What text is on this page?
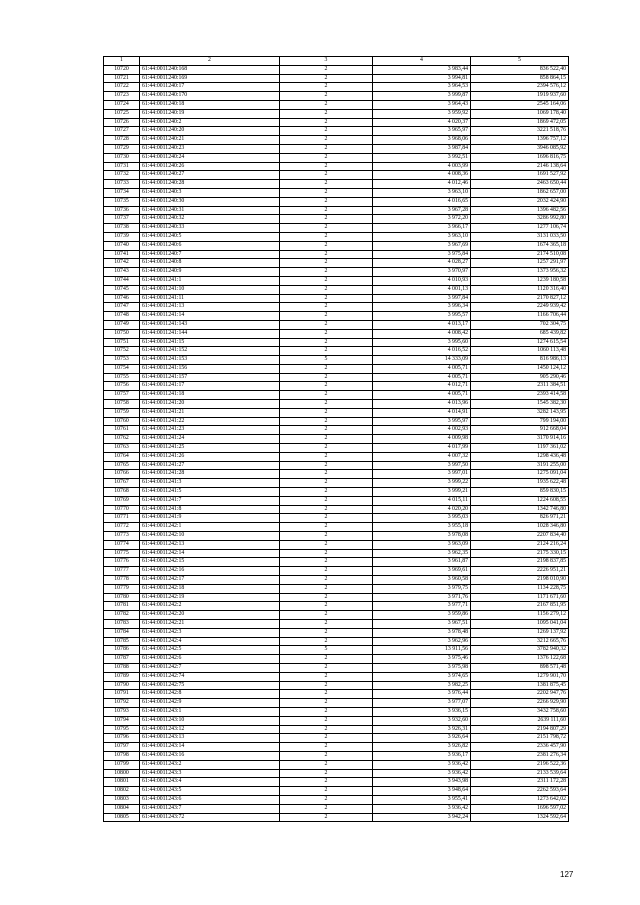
1	2	3	4	5
10720	61:44:0011240:168	2	3 983,44	836 522,40
10721	61:44:0011240:169	2	3 994,81	858 864,15
10722	61:44:0011240:17	2	3 964,53	2394 576,12
10723	61:44:0011240:170	2	3 999,87	1919 937,60
10724	61:44:0011240:18	2	3 964,43	2545 164,06
10725	61:44:0011240:19	2	3 959,92	1069 178,40
10726	61:44:0011240:2	2	4 020,37	1869 472,05
10727	61:44:0011240:20	2	3 965,97	3221 518,76
10728	61:44:0011240:21	2	3 968,06	1396 757,12
10729	61:44:0011240:23	2	3 987,84	3946 085,92
10730	61:44:0011240:24	2	3 992,51	1696 816,75
10731	61:44:0011240:26	2	4 003,99	2146 138,64
10732	61:44:0011240:27	2	4 008,36	1691 527,92
10733	61:44:0011240:28	2	4 012,46	2463 650,44
10734	61:44:0011240:3	2	3 963,10	1862 657,00
10735	61:44:0011240:30	2	4 016,65	2032 424,90
10736	61:44:0011240:31	2	3 967,28	1396 482,56
10737	61:44:0011240:32	2	3 972,20	3286 992,80
10738	61:44:0011240:33	2	3 966,17	1277 106,74
10739	61:44:0011240:5	2	3 963,10	3131 033,50
10740	61:44:0011240:6	2	3 967,69	1674 365,18
10741	61:44:0011240:7	2	3 975,84	2174 510,08
10742	61:44:0011240:8	2	4 028,27	1257 291,97
10743	61:44:0011240:9	2	3 970,97	1373 956,32
10744	61:44:0011241:1	2	4 010,93	1239 180,58
10745	61:44:0011241:10	2	4 001,13	1120 316,40
10746	61:44:0011241:11	2	3 997,84	2170 827,12
10747	61:44:0011241:13	2	3 996,34	2249 939,42
10748	61:44:0011241:14	2	3 995,57	1166 706,44
10749	61:44:0011241:143	2	4 013,17	702 304,75
10750	61:44:0011241:144	2	4 008,42	685 439,82
10751	61:44:0011241:15	2	3 995,60	1274 615,54
10752	61:44:0011241:152	2	4 016,52	1060 113,48
10753	61:44:0011241:153	5	14 333,09	816 986,13
10754	61:44:0011241:156	2	4 005,71	1450 124,12
10755	61:44:0011241:157	2	4 005,71	905 290,46
10756	61:44:0011241:17	2	4 012,71	2311 384,51
10757	61:44:0011241:18	2	4 005,71	2393 414,58
10758	61:44:0011241:20	2	4 013,96	1545 382,30
10759	61:44:0011241:21	2	4 014,91	3282 143,95
10760	61:44:0011241:22	2	3 995,97	799 194,00
10761	61:44:0011241:23	2	4 002,93	912 668,04
10762	61:44:0011241:24	2	4 009,98	3170 914,16
10763	61:44:0011241:25	2	4 017,99	1197 361,02
10764	61:44:0011241:26	2	4 007,32	1298 436,48
10765	61:44:0011241:27	2	3 997,50	3191 255,00
10766	61:44:0011241:28	2	3 997,01	1275 091,04
10767	61:44:0011241:3	2	3 999,22	1935 622,48
10768	61:44:0011241:5	2	3 999,21	859 830,15
10769	61:44:0011241:7	2	4 015,11	1224 608,55
10770	61:44:0011241:8	2	4 020,20	1342 746,80
10771	61:44:0011241:9	2	3 995,03	826 971,21
10772	61:44:0011242:1	2	3 955,18	1028 346,80
10773	61:44:0011242:10	2	3 978,08	2207 834,40
10774	61:44:0011242:13	2	3 963,09	2124 216,24
10775	61:44:0011242:14	2	3 962,35	2175 330,15
10776	61:44:0011242:15	2	3 961,87	2198 837,85
10777	61:44:0011242:16	2	3 969,61	2226 951,21
10778	61:44:0011242:17	2	3 960,58	2198 010,90
10779	61:44:0011242:18	2	3 979,75	1134 228,75
10780	61:44:0011242:19	2	3 971,76	1171 671,60
10781	61:44:0011242:2	2	3 977,71	2167 851,95
10782	61:44:0011242:20	2	3 959,86	1156 279,12
10783	61:44:0011242:21	2	3 967,51	1095 041,04
10784	61:44:0011242:3	2	3 978,48	1269 137,92
10785	61:44:0011242:4	2	3 962,96	3212 665,76
10786	61:44:0011242:5	5	13 911,56	3782 940,32
10787	61:44:0011242:6	2	3 975,46	1376 122,68
10788	61:44:0011242:7	2	3 975,98	898 571,48
10789	61:44:0011242:74	2	3 974,65	1279 901,70
10790	61:44:0011242:75	2	3 982,25	1381 875,45
10791	61:44:0011242:8	2	3 976,44	2202 947,76
10792	61:44:0011242:9	2	3 977,07	2266 929,90
10793	61:44:0011243:1	2	3 936,15	3432 758,60
10794	61:44:0011243:10	2	3 932,60	2639 111,60
10795	61:44:0011243:12	2	3 926,31	2194 807,29
10796	61:44:0011243:13	2	3 926,64	2151 798,72
10797	61:44:0011243:14	2	3 926,82	2336 457,90
10798	61:44:0011243:16	2	3 936,17	2381 276,34
10799	61:44:0011243:2	2	3 936,42	2196 522,36
10800	61:44:0011243:3	2	3 936,42	2133 539,64
10801	61:44:0011243:4	2	3 943,98	2311 172,28
10802	61:44:0011243:5	2	3 948,64	2262 593,64
10803	61:44:0011243:6	2	3 955,41	1273 642,02
10804	61:44:0011243:7	2	3 936,42	1696 597,02
10805	61:44:0011243:72	2	3 942,24	1324 592,64
127
